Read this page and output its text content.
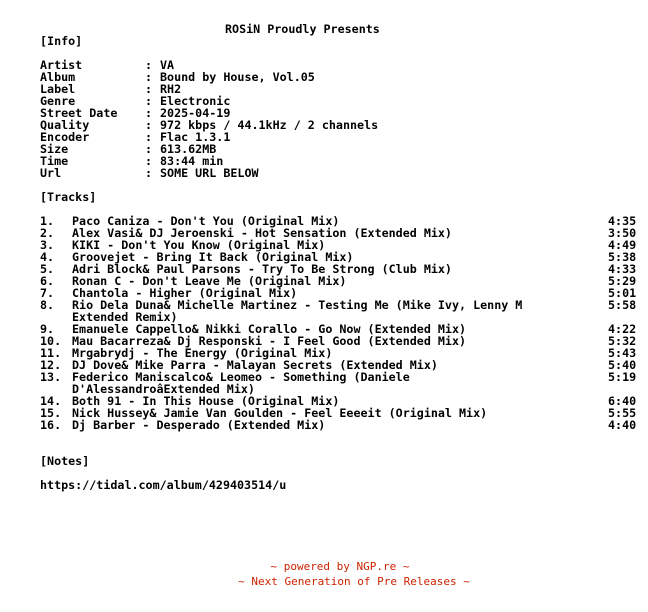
ROSiN Proudly Presents

[Info]
Artist	: VA
Album	: Bound by House, Vol.05
Label	: RH2
Genre	: Electronic
Street Date : 2025-04-19
Quality	: 972 kbps / 44.1kHz / 2 channels
Encoder	: Flac 1.3.1
Size	: 613.62MB
Time	: 83:44 min
Url	: SOME URL BELOW
[Tracks]
1. Paco Caniza - Don't You (Original Mix)	4:35
2. Alex Vasi& DJ Jeroenski - Hot Sensation (Extended Mix)	3:50
3. KIKI - Don't You Know (Original Mix)	4:49
4. Groovejet - Bring It Back (Original Mix)	5:38
5. Adri Block& Paul Parsons - Try To Be Strong (Club Mix)	4:33
6. Ronan C - Don't Leave Me (Original Mix)	5:29
7. Chantola - Higher (Original Mix)	5:01
8. Rio Dela Duna& Michelle Martinez - Testing Me (Mike Ivy, Lenny M	5:58
Extended Remix)
9. Emanuele Cappello& Nikki Corallo - Go Now (Extended Mix)	4:22
10. Mau Bacarreza& Dj Responski - I Feel Good (Extended Mix)	5:32
11. Mrgabrydj - The Energy (Original Mix)	5:43
12. DJ Dove& Mike Parra - Malayan Secrets (Extended Mix)	5:40
13. Federico Maniscalco& Leomeo - Something (Daniele	5:19
D'AlessandroâExtended Mix)
14. Both 91 - In This House (Original Mix)	6:40
15. Nick Hussey& Jamie Van Goulden - Feel Eeeeit (Original Mix)	5:55
16. Dj Barber - Desperado (Extended Mix)	4:40
[Notes]
https://tidal.com/album/429403514/u
~ powered by NGP.re ~
~ Next Generation of Pre Releases ~
